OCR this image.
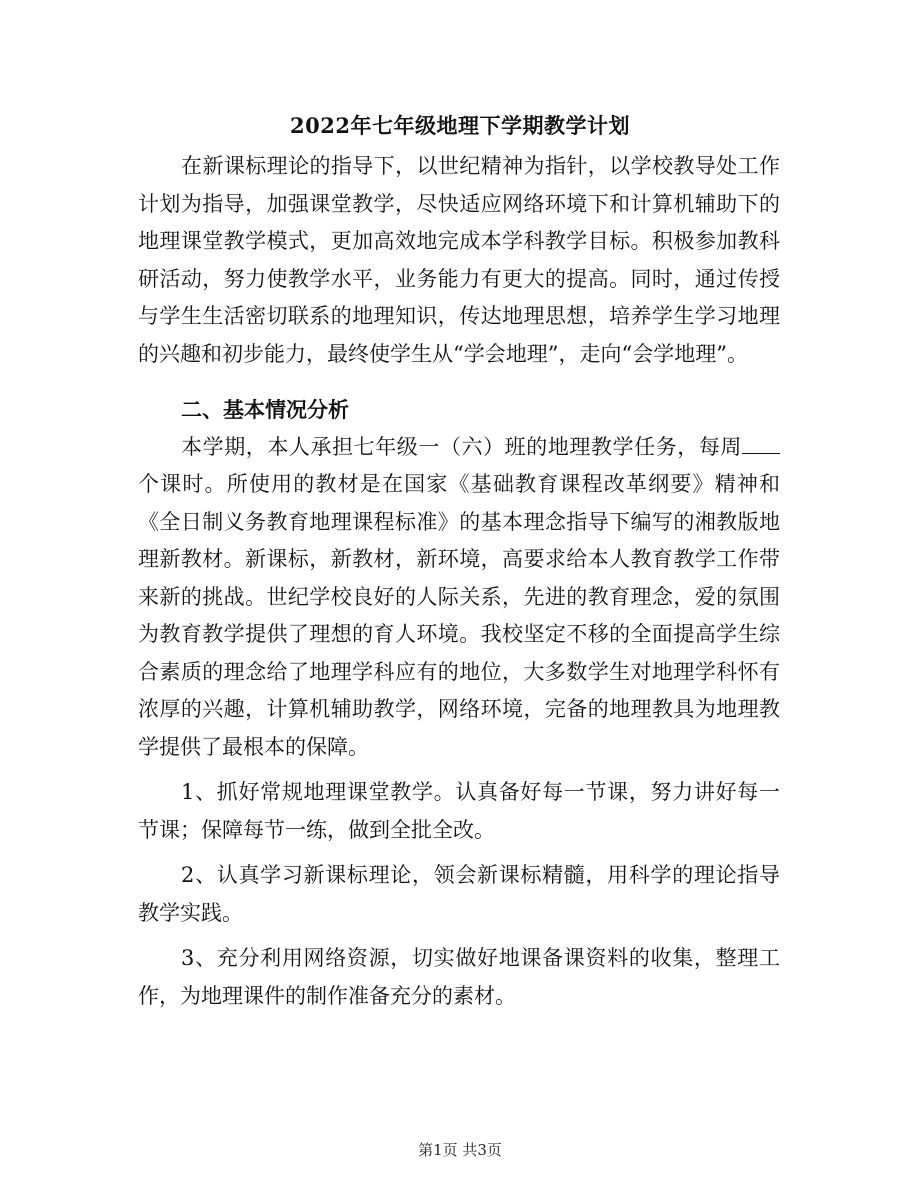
2022年七年级地理下学期教学计划

在新课标理论的指导下，以世纪精神为指针，以学校教导处工作计划为指导，加强课堂教学，尽快适应网络环境下和计算机辅助下的地理课堂教学模式，更加高效地完成本学科教学目标。积极参加教科研活动，努力使教学水平，业务能力有更大的提高。同时，通过传授与学生生活密切联系的地理知识，传达地理思想，培养学生学习地理的兴趣和初步能力，最终使学生从“学会地理”，走向“会学地理”。

二、基本情况分析

本学期，本人承担七年级一（六）班的地理教学任务，每周个课时。所使用的教材是在国家《基础教育课程改革纲要》精神和《全日制义务教育地理课程标准》的基本理念指导下编写的湘教版地理新教材。新课标，新教材，新环境，高要求给本人教育教学工作带来新的挑战。世纪学校良好的人际关系，先进的教育理念，爱的氛围为教育教学提供了理想的育人环境。我校坚定不移的全面提高学生综合素质的理念给了地理学科应有的地位，大多数学生对地理学科怀有浓厚的兴趣，计算机辅助教学，网络环境，完备的地理教具为地理教学提供了最根本的保障。

1、抓好常规地理课堂教学。认真备好每一节课，努力讲好每一节课；保障每节一练，做到全批全改。

2、认真学习新课标理论，领会新课标精髓，用科学的理论指导教学实践。

3、充分利用网络资源，切实做好地课备课资料的收集，整理工作，为地理课件的制作准备充分的素材。

第1页 共3页
